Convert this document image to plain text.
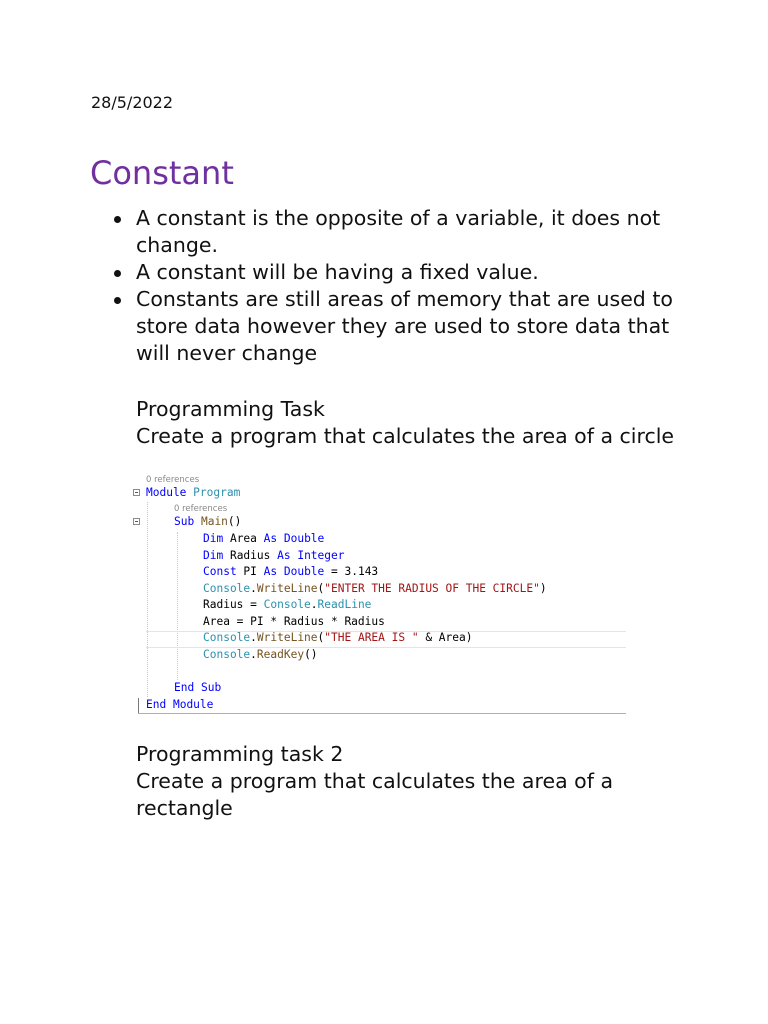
28/5/2022
Constant
A constant is the opposite of a variable, it does not change.
A constant will be having a fixed value.
Constants are still areas of memory that are used to store data however they are used to store data that will never change
Programming Task
Create a program that calculates the area of a circle
0 references
0 references
Module Program
Sub Main()
Dim Area As Double
Dim Radius As Integer
Const PI As Double = 3.143
Console.WriteLine("ENTER THE RADIUS OF THE CIRCLE")
Radius = Console.ReadLine
Area = PI * Radius * Radius
Console.WriteLine("THE AREA IS " & Area)
Console.ReadKey()
End Sub
End Module
Programming task 2
Create a program that calculates the area of a rectangle
